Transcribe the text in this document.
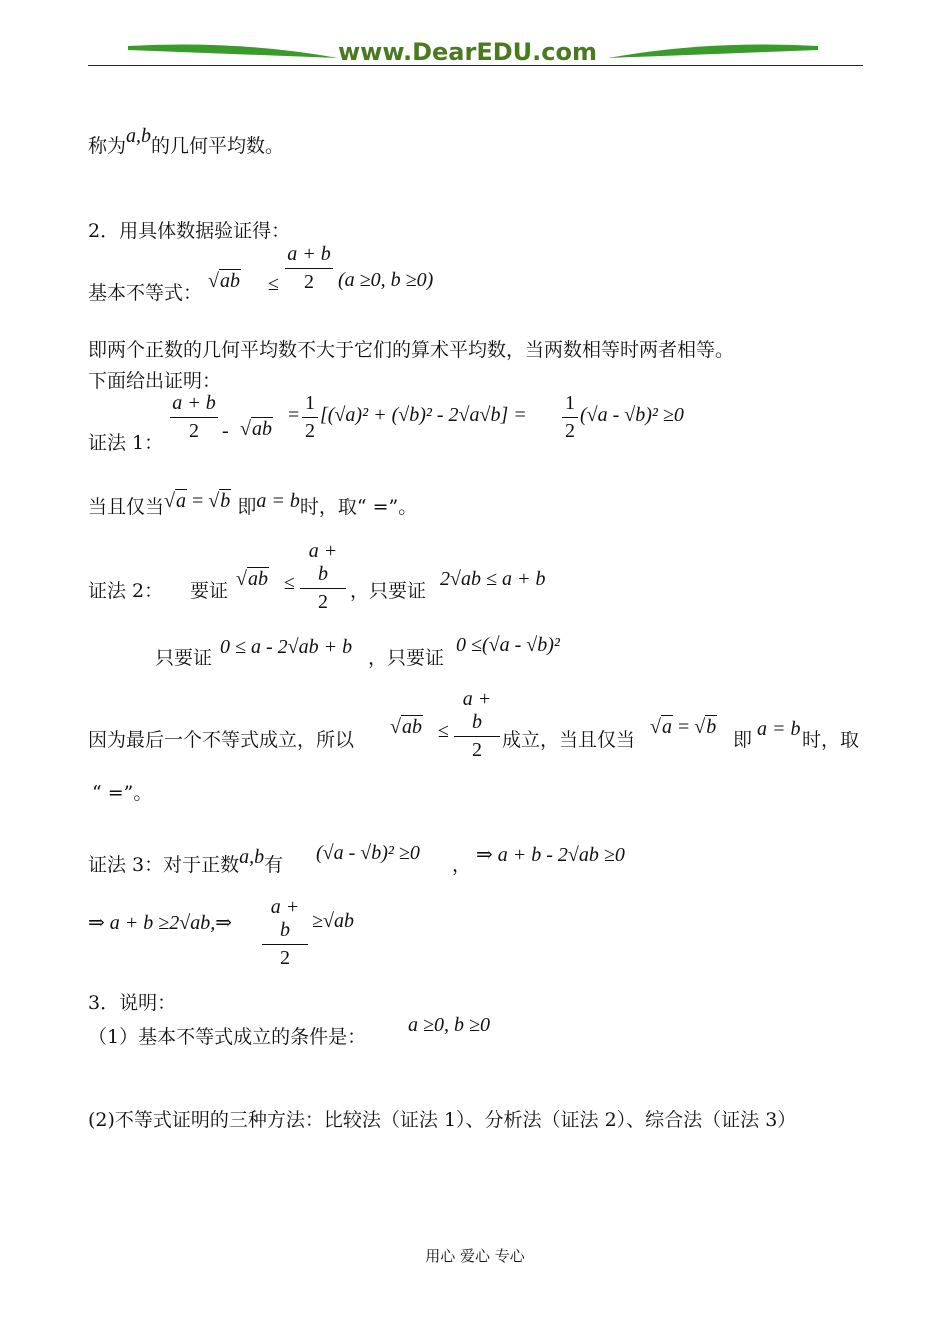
www.DearEDU.com
称为a,b的几何平均数。
2．用具体数据验证得：
基本不等式：
√ab ≤
a + b
2	(a ≥0, b ≥0)
即两个正数的几何平均数不大于它们的算术平均数，当两数相等时两者相等。
下面给出证明：
证法 1：
a + b
2	- √ab
=
1
2
[(√a)² + (√b)² - 2√a√b] =
1
2
(√a - √b)² ≥0
当且仅当√a = √b 即a = b时，取“ =”。
证法 2： 要证
√ab ≤
a + b
2	，只要证
2√ab ≤ a + b
只要证 0 ≤ a - 2√ab + b ，只要证
0 ≤(√a - √b)²
因为最后一个不等式成立，所以
√ab ≤
a + b
2	成立，当且仅当
√a = √b
即 a = b 时，取
“ =”。
证法 3：对于正数a,b有
(√a - √b)² ≥0
， ⇒ a + b - 2√ab ≥0
⇒ a + b ≥2√ab,⇒
a + b
2
≥√ab
3．说明：
（1）基本不等式成立的条件是：
a ≥0, b ≥0
(2)不等式证明的三种方法：比较法（证法 1）、分析法（证法 2）、综合法（证法 3）
用心 爱心 专心
